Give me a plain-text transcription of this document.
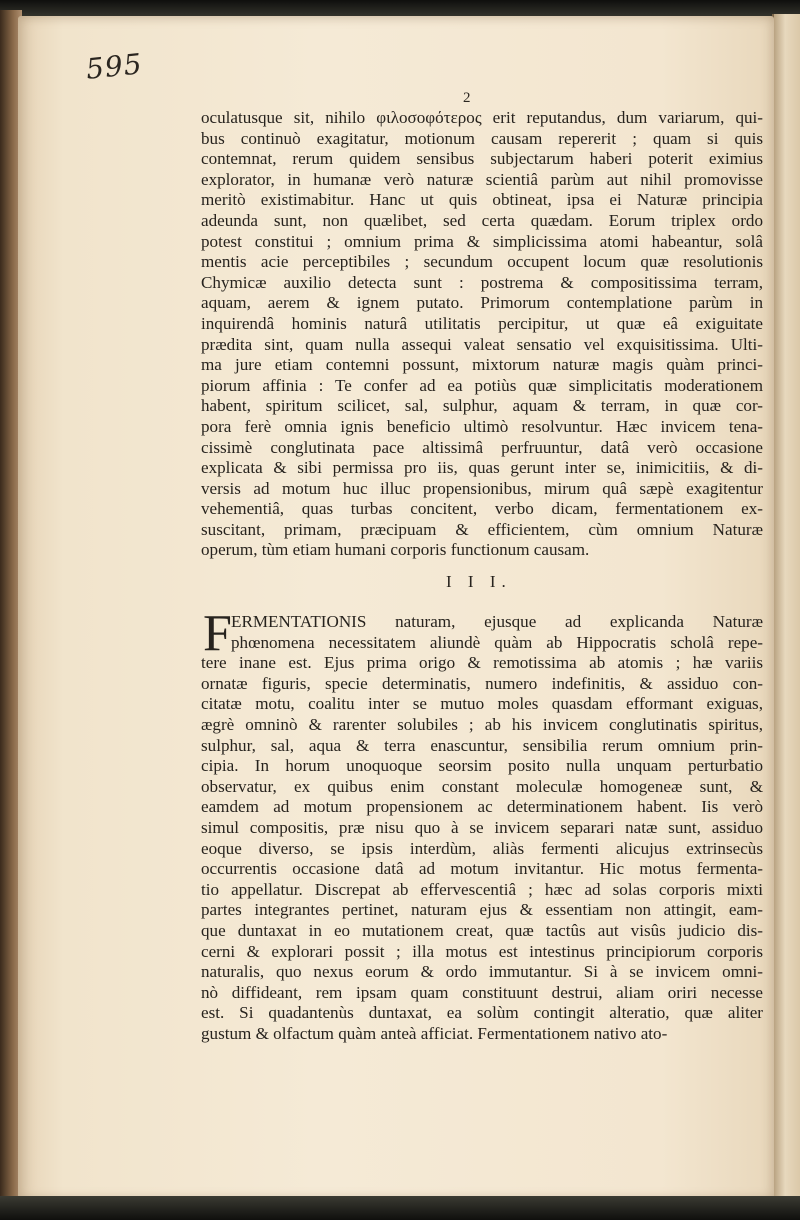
595
2
oculatusque sit, nihilo φιλοσοφότερος erit reputandus, dum variarum, qui-
bus continuò exagitatur, motionum causam repererit ; quam si quis
contemnat, rerum quidem sensibus subjectarum haberi poterit eximius
explorator, in humanæ verò naturæ scientiâ parùm aut nihil promovisse
meritò existimabitur. Hanc ut quis obtineat, ipsa ei Naturæ principia
adeunda sunt, non quælibet, sed certa quædam. Eorum triplex ordo
potest constitui ; omnium prima & simplicissima atomi habeantur, solâ
mentis acie perceptibiles ; secundum occupent locum quæ resolutionis
Chymicæ auxilio detecta sunt : postrema & compositissima terram,
aquam, aerem & ignem putato. Primorum contemplatione parùm in
inquirendâ hominis naturâ utilitatis percipitur, ut quæ eâ exiguitate
prædita sint, quam nulla assequi valeat sensatio vel exquisitissima. Ulti-
ma jure etiam contemni possunt, mixtorum naturæ magis quàm princi-
piorum affinia : Te confer ad ea potiùs quæ simplicitatis moderationem
habent, spiritum scilicet, sal, sulphur, aquam & terram, in quæ cor-
pora ferè omnia ignis beneficio ultimò resolvuntur. Hæc invicem tena-
cissimè conglutinata pace altissimâ perfruuntur, datâ verò occasione
explicata & sibi permissa pro iis, quas gerunt inter se, inimicitiis, & di-
versis ad motum huc illuc propensionibus, mirum quâ sæpè exagitentur
vehementiâ, quas turbas concitent, verbo dicam, fermentationem ex-
suscitant, primam, præcipuam & efficientem, cùm omnium Naturæ
operum, tùm etiam humani corporis functionum causam.
I I I.
F ERMENTATIONIS naturam, ejusque ad explicanda Naturæ
phœnomena necessitatem aliundè quàm ab Hippocratis scholâ repe-
tere inane est. Ejus prima origo & remotissima ab atomis ; hæ variis
ornatæ figuris, specie determinatis, numero indefinitis, & assiduo con-
citatæ motu, coalitu inter se mutuo moles quasdam efformant exiguas,
ægrè omninò & rarenter solubiles ; ab his invicem conglutinatis spiritus,
sulphur, sal, aqua & terra enascuntur, sensibilia rerum omnium prin-
cipia. In horum unoquoque seorsim posito nulla unquam perturbatio
observatur, ex quibus enim constant moleculæ homogeneæ sunt, &
eamdem ad motum propensionem ac determinationem habent. Iis verò
simul compositis, præ nisu quo à se invicem separari natæ sunt, assiduo
eoque diverso, se ipsis interdùm, aliàs fermenti alicujus extrinsecùs
occurrentis occasione datâ ad motum invitantur. Hic motus fermenta-
tio appellatur. Discrepat ab effervescentiâ ; hæc ad solas corporis mixti
partes integrantes pertinet, naturam ejus & essentiam non attingit, eam-
que duntaxat in eo mutationem creat, quæ tactûs aut visûs judicio dis-
cerni & explorari possit ; illa motus est intestinus principiorum corporis
naturalis, quo nexus eorum & ordo immutantur. Si à se invicem omni-
nò diffideant, rem ipsam quam constituunt destrui, aliam oriri necesse
est. Si quadantenùs duntaxat, ea solùm contingit alteratio, quæ aliter
gustum & olfactum quàm anteà afficiat. Fermentationem nativo ato-
